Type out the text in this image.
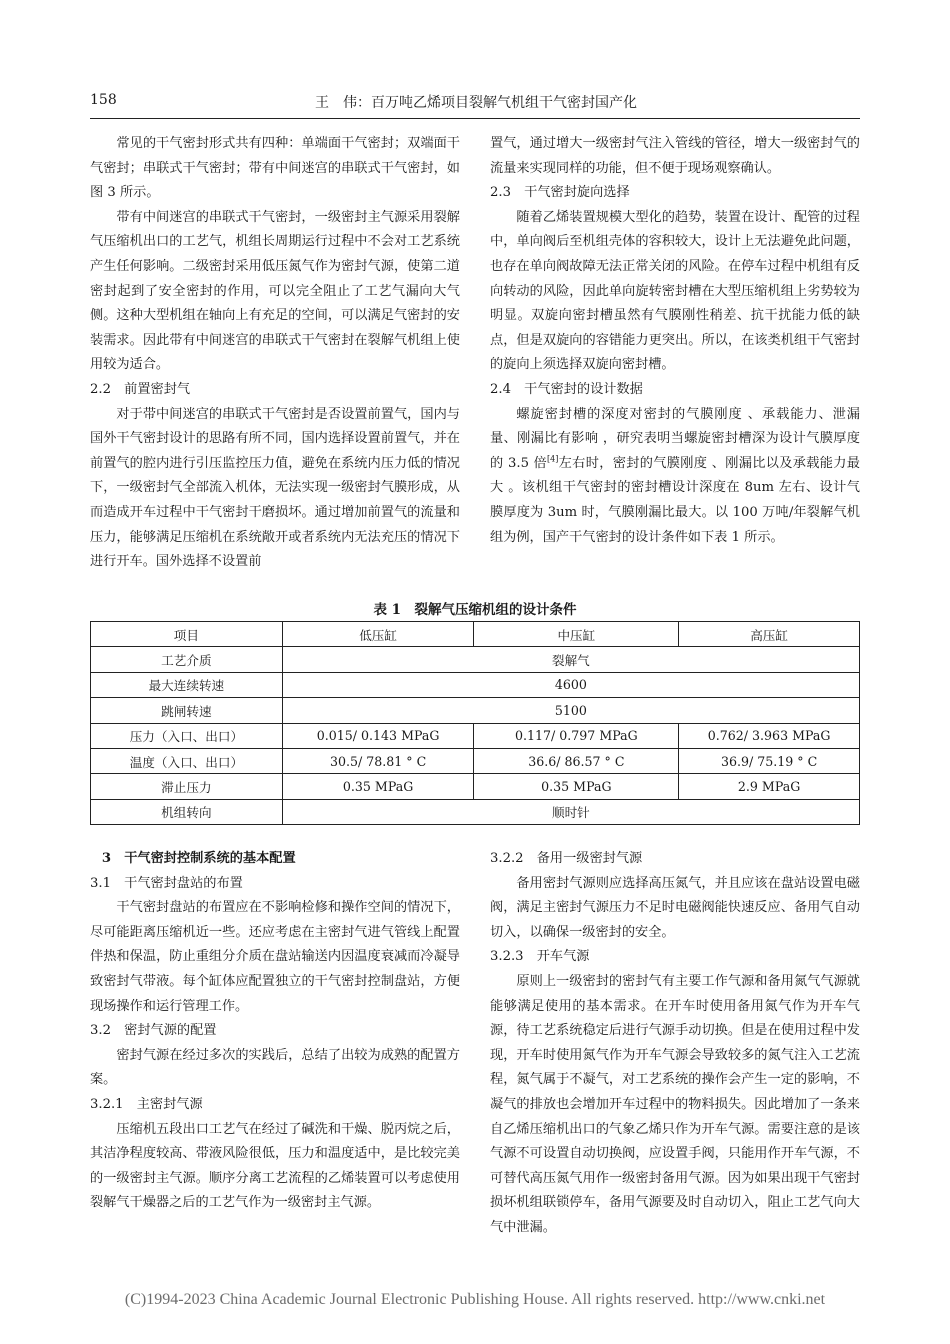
158	王　伟：百万吨乙烯项目裂解气机组干气密封国产化

常见的干气密封形式共有四种：单端面干气密封；双端面干气密封；串联式干气密封；带有中间迷宫的串联式干气密封，如图 3 所示。

带有中间迷宫的串联式干气密封，一级密封主气源采用裂解气压缩机出口的工艺气，机组长周期运行过程中不会对工艺系统产生任何影响。二级密封采用低压氮气作为密封气源，使第二道密封起到了安全密封的作用，可以完全阻止了工艺气漏向大气侧。这种大型机组在轴向上有充足的空间，可以满足气密封的安装需求。因此带有中间迷宫的串联式干气密封在裂解气机组上使用较为适合。

2.2　前置密封气

对于带中间迷宫的串联式干气密封是否设置前置气，国内与国外干气密封设计的思路有所不同，国内选择设置前置气，并在前置气的腔内进行引压监控压力值，避免在系统内压力低的情况下，一级密封气全部流入机体，无法实现一级密封气膜形成，从而造成开车过程中干气密封干磨损坏。通过增加前置气的流量和压力，能够满足压缩机在系统敞开或者系统内无法充压的情况下进行开车。国外选择不设置前

置气，通过增大一级密封气注入管线的管径，增大一级密封气的流量来实现同样的功能，但不便于现场观察确认。

2.3　干气密封旋向选择

随着乙烯装置规模大型化的趋势，装置在设计、配管的过程中，单向阀后至机组壳体的容积较大，设计上无法避免此问题，也存在单向阀故障无法正常关闭的风险。在停车过程中机组有反向转动的风险，因此单向旋转密封槽在大型压缩机组上劣势较为明显。双旋向密封槽虽然有气膜刚性稍差、抗干扰能力低的缺点，但是双旋向的容错能力更突出。所以，在该类机组干气密封的旋向上须选择双旋向密封槽。

2.4　干气密封的设计数据

螺旋密封槽的深度对密封的气膜刚度 、承载能力、泄漏量、刚漏比有影响 ，研究表明当螺旋密封槽深为设计气膜厚度的 3.5 倍[4]左右时，密封的气膜刚度 、刚漏比以及承载能力最大 。该机组干气密封的密封槽设计深度在 8um 左右、设计气膜厚度为 3um 时，气膜刚漏比最大。以 100 万吨/年裂解气机组为例，国产干气密封的设计条件如下表 1 所示。

表 1　裂解气压缩机组的设计条件
项目	低压缸	中压缸	高压缸
工艺介质	裂解气		
最大连续转速	4600		
跳闸转速	5100		
压力（入口、出口）	0.015/ 0.143 MPaG	0.117/ 0.797 MPaG	0.762/ 3.963 MPaG
温度（入口、出口）	30.5/ 78.81 ° C	36.6/ 86.57 ° C	36.9/ 75.19 ° C
滞止压力	0.35 MPaG	0.35 MPaG	2.9 MPaG
机组转向	顺时针		

3　干气密封控制系统的基本配置

3.1　干气密封盘站的布置

干气密封盘站的布置应在不影响检修和操作空间的情况下，尽可能距离压缩机近一些。还应考虑在主密封气进气管线上配置伴热和保温，防止重组分介质在盘站输送内因温度衰减而冷凝导致密封气带液。每个缸体应配置独立的干气密封控制盘站，方便现场操作和运行管理工作。

3.2　密封气源的配置

密封气源在经过多次的实践后，总结了出较为成熟的配置方案。

3.2.1　主密封气源

压缩机五段出口工艺气在经过了碱洗和干燥、脱丙烷之后，其洁净程度较高、带液风险很低，压力和温度适中，是比较完美的一级密封主气源。顺序分离工艺流程的乙烯装置可以考虑使用裂解气干燥器之后的工艺气作为一级密封主气源。

3.2.2　备用一级密封气源

备用密封气源则应选择高压氮气，并且应该在盘站设置电磁阀，满足主密封气源压力不足时电磁阀能快速反应、备用气自动切入，以确保一级密封的安全。

3.2.3　开车气源

原则上一级密封的密封气有主要工作气源和备用氮气气源就能够满足使用的基本需求。在开车时使用备用氮气作为开车气源，待工艺系统稳定后进行气源手动切换。但是在使用过程中发现，开车时使用氮气作为开车气源会导致较多的氮气注入工艺流程，氮气属于不凝气，对工艺系统的操作会产生一定的影响，不凝气的排放也会增加开车过程中的物料损失。因此增加了一条来自乙烯压缩机出口的气象乙烯只作为开车气源。需要注意的是该气源不可设置自动切换阀，应设置手阀，只能用作开车气源，不可替代高压氮气用作一级密封备用气源。因为如果出现干气密封损坏机组联锁停车，备用气源要及时自动切入，阻止工艺气向大气中泄漏。

(C)1994-2023 China Academic Journal Electronic Publishing House. All rights reserved. http://www.cnki.net
